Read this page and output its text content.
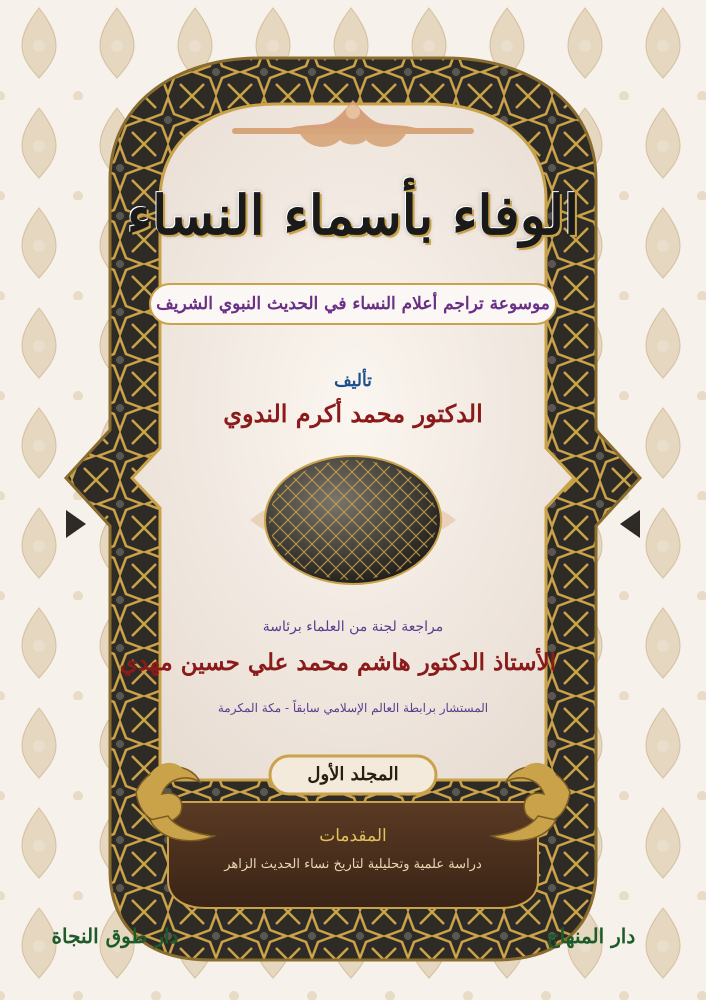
الوفاء بأسماء النساء
موسوعة تراجم أعلام النساء في الحديث النبوي الشريف
تأليف
الدكتور محمد أكرم الندوي
مراجعة لجنة من العلماء برئاسة
الأستاذ الدكتور هاشم محمد علي حسين مهدي
المستشار برابطة العالم الإسلامي سابقاً - مكة المكرمة
المجلد الأول
المقدمات
دراسة علمية وتحليلية لتاريخ نساء الحديث الزاهر
دار المنهاج
دار طوق النجاة
